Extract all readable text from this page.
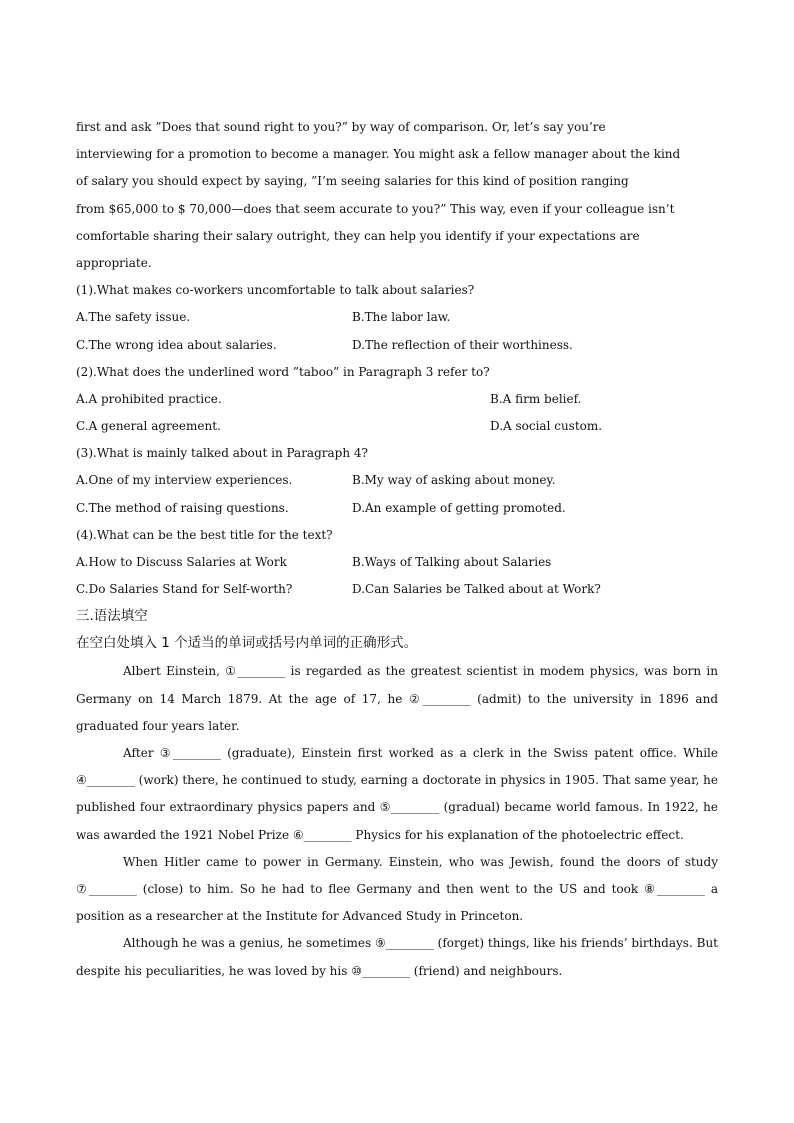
first and ask ”Does that sound right to you?” by way of comparison. Or, let’s say you’re
interviewing for a promotion to become a manager. You might ask a fellow manager about the kind
of salary you should expect by saying, ”I’m seeing salaries for this kind of position ranging
from $65,000 to $ 70,000—does that seem accurate to you?” This way, even if your colleague isn’t
comfortable sharing their salary outright, they can help you identify if your expectations are
appropriate.
(1).What makes co-workers uncomfortable to talk about salaries?
A.The safety issue.	B.The labor law.
C.The wrong idea about salaries.	D.The reflection of their worthiness.
(2).What does the underlined word ”taboo” in Paragraph 3 refer to?
A.A prohibited practice.	B.A firm belief.
C.A general agreement.	D.A social custom.
(3).What is mainly talked about in Paragraph 4?
A.One of my interview experiences.	B.My way of asking about money.
C.The method of raising questions.	D.An example of getting promoted.
(4).What can be the best title for the text?
A.How to Discuss Salaries at Work	B.Ways of Talking about Salaries
C.Do Salaries Stand for Self-worth?	D.Can Salaries be Talked about at Work?
三.语法填空
在空白处填入 1 个适当的单词或括号内单词的正确形式。

Albert Einstein, ①________ is regarded as the greatest scientist in modem physics, was born in Germany on 14 March 1879. At the age of 17, he ②________ (admit) to the university in 1896 and graduated four years later.

After ③________ (graduate), Einstein first worked as a clerk in the Swiss patent office. While ④________ (work) there, he continued to study, earning a doctorate in physics in 1905. That same year, he published four extraordinary physics papers and ⑤________ (gradual) became world famous. In 1922, he was awarded the 1921 Nobel Prize ⑥________ Physics for his explanation of the photoelectric effect.

When Hitler came to power in Germany. Einstein, who was Jewish, found the doors of study ⑦________ (close) to him. So he had to flee Germany and then went to the US and took ⑧________ a position as a researcher at the Institute for Advanced Study in Princeton.

Although he was a genius, he sometimes ⑨________ (forget) things, like his friends’ birthdays. But despite his peculiarities, he was loved by his ⑩________ (friend) and neighbours.
